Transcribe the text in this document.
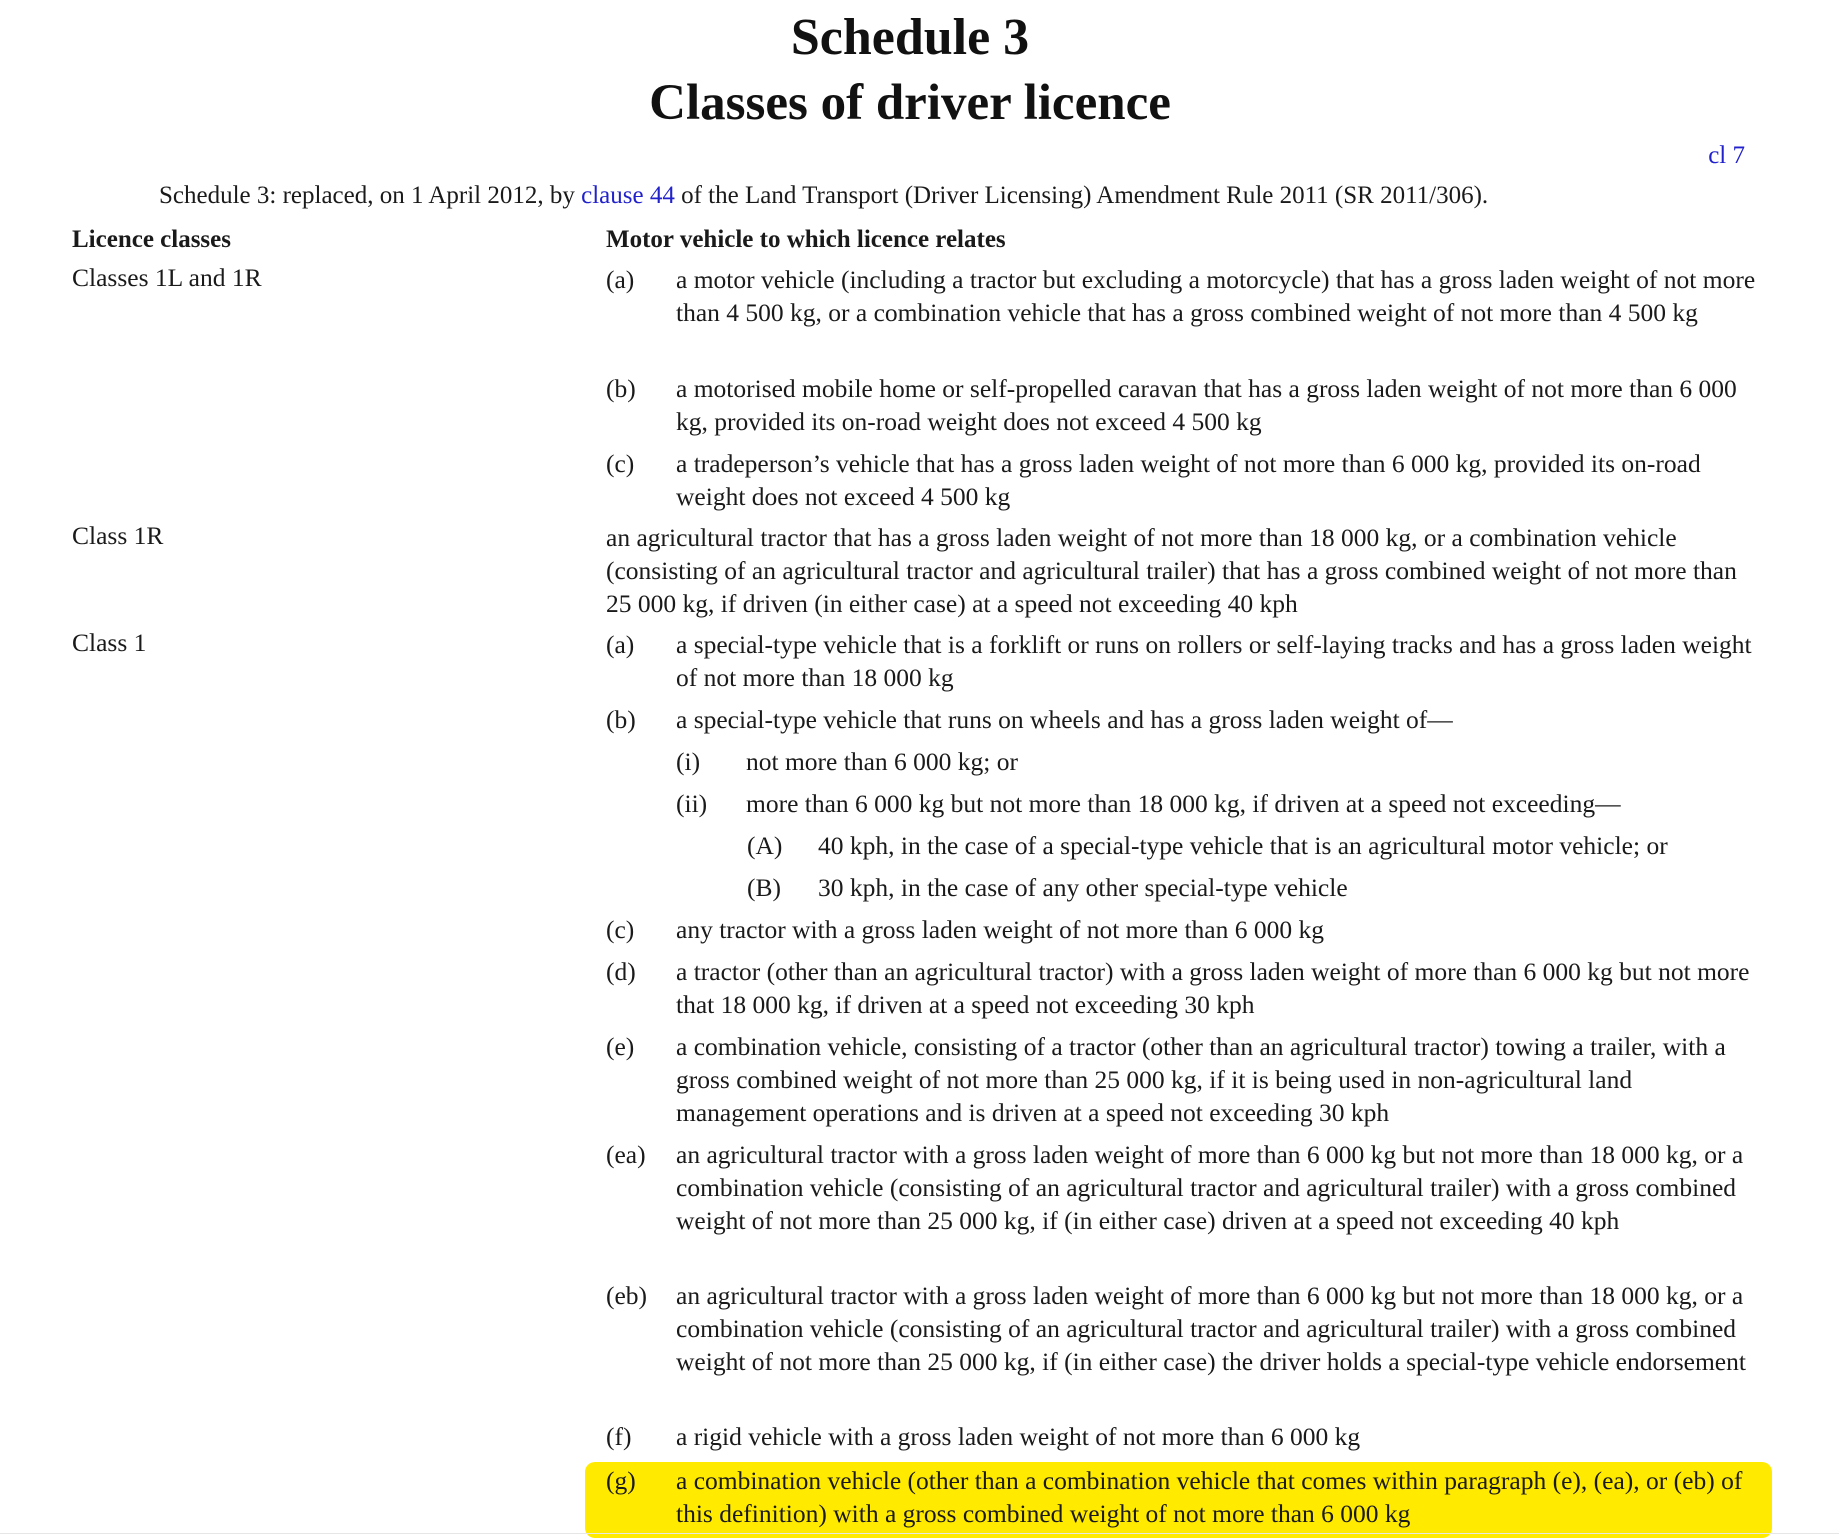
Schedule 3
Classes of driver licence
cl 7
Schedule 3: replaced, on 1 April 2012, by clause 44 of the Land Transport (Driver Licensing) Amendment Rule 2011 (SR 2011/306).
Licence classes	Motor vehicle to which licence relates
Classes 1L and 1R	(a) a motor vehicle (including a tractor but excluding a motorcycle) that has a gross laden weight of not more than 4 500 kg, or a combination vehicle that has a gross combined weight of not more than 4 500 kg
(b) a motorised mobile home or self-propelled caravan that has a gross laden weight of not more than 6 000 kg, provided its on-road weight does not exceed 4 500 kg
(c) a tradeperson’s vehicle that has a gross laden weight of not more than 6 000 kg, provided its on-road weight does not exceed 4 500 kg
Class 1R	an agricultural tractor that has a gross laden weight of not more than 18 000 kg, or a combination vehicle (consisting of an agricultural tractor and agricultural trailer) that has a gross combined weight of not more than 25 000 kg, if driven (in either case) at a speed not exceeding 40 kph
Class 1	(a) a special-type vehicle that is a forklift or runs on rollers or self-laying tracks and has a gross laden weight of not more than 18 000 kg
(b) a special-type vehicle that runs on wheels and has a gross laden weight of—
(i) not more than 6 000 kg; or
(ii) more than 6 000 kg but not more than 18 000 kg, if driven at a speed not exceeding—
(A) 40 kph, in the case of a special-type vehicle that is an agricultural motor vehicle; or
(B) 30 kph, in the case of any other special-type vehicle
(c) any tractor with a gross laden weight of not more than 6 000 kg
(d) a tractor (other than an agricultural tractor) with a gross laden weight of more than 6 000 kg but not more that 18 000 kg, if driven at a speed not exceeding 30 kph
(e) a combination vehicle, consisting of a tractor (other than an agricultural tractor) towing a trailer, with a gross combined weight of not more than 25 000 kg, if it is being used in non-agricultural land management operations and is driven at a speed not exceeding 30 kph
(ea) an agricultural tractor with a gross laden weight of more than 6 000 kg but not more than 18 000 kg, or a combination vehicle (consisting of an agricultural tractor and agricultural trailer) with a gross combined weight of not more than 25 000 kg, if (in either case) driven at a speed not exceeding 40 kph
(eb) an agricultural tractor with a gross laden weight of more than 6 000 kg but not more than 18 000 kg, or a combination vehicle (consisting of an agricultural tractor and agricultural trailer) with a gross combined weight of not more than 25 000 kg, if (in either case) the driver holds a special-type vehicle endorsement
(f) a rigid vehicle with a gross laden weight of not more than 6 000 kg
(g) a combination vehicle (other than a combination vehicle that comes within paragraph (e), (ea), or (eb) of this definition) with a gross combined weight of not more than 6 000 kg
